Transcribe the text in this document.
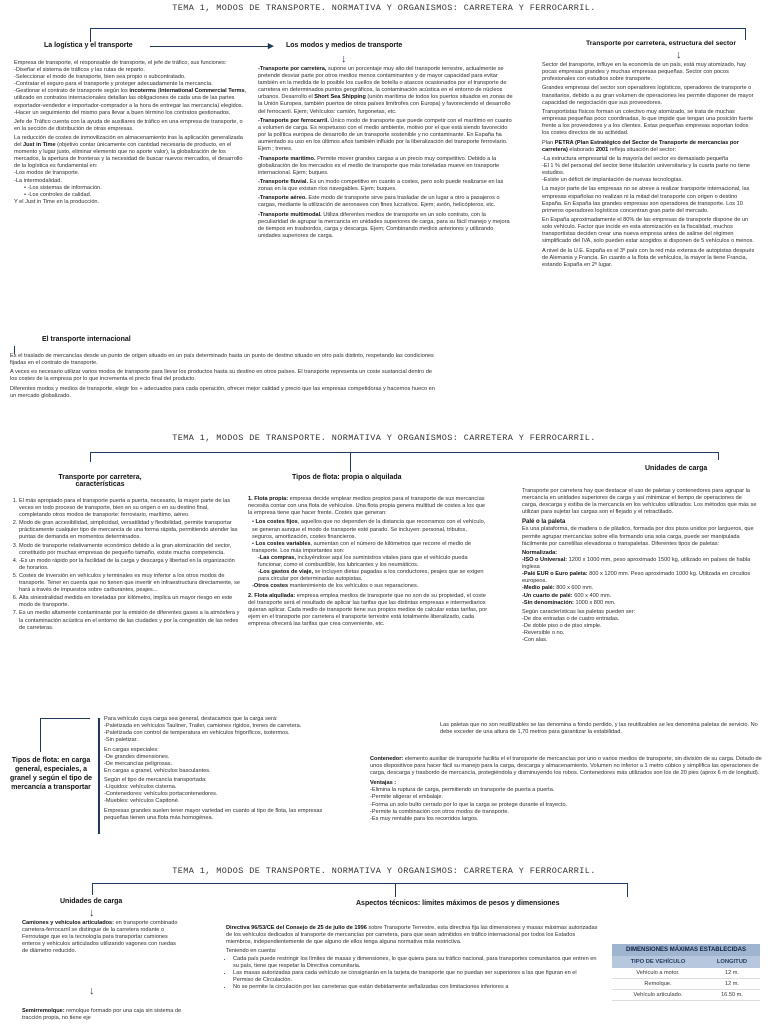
TEMA 1, MODOS DE TRANSPORTE. NORMATIVA Y ORGANISMOS: CARRETERA Y FERROCARRIL.
▸
↓	↓
La logística y el transporte	Los modos y medios de transporte	Transporte por carretera, estructura del sector
Empresa de transporte, el responsable de transporte, el jefe de tráfico, sus funciones:
-Diseñar el sistema de tráficos y las rutas de reparto.
-Seleccionar el modo de transporte, bien sea propio o subcontratado.
-Contratar el seguro para el transporte y proteger adecuadamente la mercancía.
-Gestionar el contrato de transporte según los incoterms (International Commercial Terms, utilizado en contratos internacionales detallan las obligaciones de cada una de las partes exportador-vendedor e importador-comprador a la hora de entregar las mercancía) elegidos.
-Hacer un seguimiento del mismo para llevar a buen término los contratos gestionados.
Jefe de Tráfico cuenta con la ayuda de auxiliares de tráfico en una empresa de transporte, o en la sección de distribución de otras empresas.
La reducción de costes de inmovilización en almacenamiento tras la aplicación generalizada del Just in Time (objetivo contar únicamente con cantidad necesaria de producto, en el momento y lugar justo, eliminar elemento que no aporte valor), la globalización de los mercados, la apertura de fronteras y la necesidad de buscar nuevos mercados, el desarrollo de la logística es fundamental en:
-Los modos de transporte.
-La intermodalidad.
• -Los sistemas de información.
• -Los controles de calidad.
Y el Just in Time en la producción.
El transporte internacional

Es el traslado de mercancías desde un punto de origen situado en un país determinado hasta un punto de destino situado en otro país distinto, respetando las condiciones fijadas en el contrato de transporte.

A veces es necesario utilizar varios modos de transporte para llevar los productos hasta su destino en otros países. El transporte representa un coste sustancial dentro de los costes de la empresa por lo que incrementa el precio final del producto.

Diferentes modos y medios de transporte, elegir los + adecuados para cada operación, ofrecer mejor calidad y precio que las empresas competidoras y hacernos hueco en un mercado globalizado.

-Transporte por carretera, supone un porcentaje muy alto del transporte terrestre, actualmente se pretende desviar parte por otros medios menos contaminantes y de mayor capacidad para evitar también en la medida de lo posible los cuellos de botella o atascos ocasionados por el transporte de carretera en determinados puntos geográficos, la contaminación acústica en el entorno de núcleos urbanos. Desarrollo el Short Sea Shipping (unión marítima de todos los puertos situados en zonas de la Unión Europea, también puertos de otros países limítrofes con Europa) y favoreciendo el desarrollo del ferrocarril. Ejem; Vehículos: camión, furgonetas, etc.

-Transporte por ferrocarril. Único modo de transporte que puede competir con el marítimo en cuanto a volumen de carga. Es respetuoso con el medio ambiente, motivo por el que está siendo favorecido por la política europea de desarrollo de un transporte sostenible y no contaminante. En España ha aumentado su uso en los últimos años también influido por la liberalización del transporte ferroviario. Ejem ; trenes.

-Transporte marítimo. Permite mover grandes cargas a un precio muy competitivo. Debido a la globalización de los mercados es el medio de transporte que más toneladas mueve en transporte internacional. Ejem; buques.

-Transporte fluvial. Es un modo competitivo en cuanto a costes, pero solo puede realizarse en las zonas en la que existan ríos navegables. Ejem; buques.

-Transporte aéreo. Este modo de transporte sirve para trasladar de un lugar a otro a pasajeros o cargas, mediante la utilización de aeronaves con fines lucrativos. Ejem; avión, helicópteros, etc.

-Transporte multimodal. Utiliza diferentes medios de transporte en un solo contrato, con la peculiaridad de agrupar la mercancía en unidades superiores de carga, para su fácil manejo y mejora de tiempos en trasbordos, carga y descarga. Ejem; Combinando medios anteriores y utilizando unidades superiores de carga.

Sector del transporte, influye en la economía de un país, está muy atomizado, hay pocas empresas grandes y muchas empresas pequeñas. Sector con pocos profesionales con estudios sobre transporte.

Grandes empresas del sector son operadores logísticos, operadores de transporte o transitarios, debido a su gran volumen de operaciones les permite disponer de mayor capacidad de negociación que sus proveedores.

Transportistas físicos forman un colectivo muy atomizado, se trata de muchas empresas pequeñas poco coordinadas, lo que impide que tengan una posición fuerte frente a los proveedores y a los clientes. Estas pequeñas empresas soportan todos los costes directos de su actividad.

Plan PETRA (Plan Estratégico del Sector de Transporte de mercancías por carretera) elaborado 2001 refleja situación del sector:

-La estructura empresarial de la mayoría del sector es demasiado pequeña
-El 1 % del personal del sector tiene titulación universitaria y la cuarta parte no tiene estudios.

-Existe un déficit de implantación de nuevas tecnologías.

La mayor parte de las empresas no se atreve a realizar transporte internacional, las empresas españolas no realizan ni la mitad del transporte con origen o destino España. En España las grandes empresas son operadores de transporte. Los 10 primeros operadores logísticos concentran gran parte del mercado.

En España aproximadamente el 80% de las empresas de transporte dispone de un solo vehículo. Factor que incide en esta atomización es la fiscalidad, muchos transportistas deciden crear una nueva empresa antes de salirse del régimen simplificado del IVA, solo pueden estar acogidos si disponen de 5 vehículos o menos.

A nivel de la U.E. España es el 3º país con la red más extensa de autopistas después de Alemania y Francia. En cuanto a la flota de vehículos, la mayor la tiene Francia, estando España en 2º lugar.

TEMA 1, MODOS DE TRANSPORTE. NORMATIVA Y ORGANISMOS: CARRETERA Y FERROCARRIL.
Transporte por carretera, características
Tipos de flota: propia o alquilada
Unidades de carga
1. El más apropiado para el transporte puerta a puerta, necesario, la mayor parte de las veces en todo proceso de transporte, bien en su origen o en su destino final, completando otros modos de transporte: ferroviario, marítimo, aéreo.
2. Modo de gran accesibilidad, simplicidad, versatilidad y flexibilidad, permite transportar prácticamente cualquier tipo de mercancía de una forma rápida, permitiendo atender las puntas de demanda en momentos determinados.
3. Modo de transporte relativamente económico debido a la gran atomización del sector, constituido por muchas empresas de pequeño tamaño, existe mucha competencia.
4. -Es un modo rápido por la facilidad de la carga y descarga y libertad en la organización de horarios.
5. Costes de inversión en vehículos y terminales es muy inferior a los otros modos de transporte. Tener en cuenta que no tienen que invertir en infraestructura directamente, se hará a través de impuestos sobre carburantes, peajes...
6. Alta siniestralidad medida en toneladas por kilómetro, implica un mayor riesgo en este modo de transporte.
7. Es un medio altamente contaminante por la emisión de diferentes gases a la atmósfera y la contaminación acústica en el entorno de las ciudades y por la congestión de las redes de carreteras.

1. Flota propia: empresa decide emplear medios propios para el transporte de sus mercancías necesita contar con una flota de vehículos. Una flota propia genera multitud de costes a los que la empresa tiene que hacer frente. Costes que generan:

• Los costes fijos, aquellos que no dependen de la distancia que recorramos con el vehículo, se generan aunque el modo de transporte esté parado. Se incluyen: personal, tributos, seguros, amortización, costes financieros.
• Los costes variables, aumentan con el número de kilómetros que recorre el medio de transporte. Los más importantes son:
-Las compras, incluyéndose aquí los suministros vitales para que el vehículo pueda funcionar, como el combustible, los lubricantes y los neumáticos.
-Los gastos de viaje, se incluyen dietas pagadas a los conductores, peajes que se exigen para circular por determinadas autopistas.

-Otros costes mantenimiento de los vehículos o sus reparaciones.

2. Flota alquilada: empresa emplea medios de transporte que no son de su propiedad, el coste del transporte será el resultado de aplicar las tarifas que las distintas empresas e intermediarios quieran aplicar. Cada medio de transporte tiene sus propios medios de calcular estas tarifas, por ejem en el transporte por carretera el transporte terrestre está totalmente liberalizado, cada empresa ofrecerá las tarifas que crea conveniente, etc.

Transporte por carretera hay que destacar el uso de paletas y contenedores para agrupar la mercancía en unidades superiores de carga y así minimizar el tiempo de operaciones de carga, descarga y estiba de la mercancía en los vehículos utilizados. Los métodos que más se utilizan para sujetar las cargas son el flejado y el retractilado.

Palé o la paleta

Es una plataforma, de madera o de plástico, formada por dos pisos unidos por largueros, que permite agrupar mercancías sobre ella formando una sola carga, puede ser manipulada fácilmente por carretillas elevadoras o transpaletas. Diferentes tipos de paletas:

Normalizada:
-ISO o Universal: 1200 x 1000 mm, peso aproximado 1500 kg, utilizado en países de habla inglesa
-Palé EUR o Euro paleta: 800 x 1200 mm. Peso aproximado 1000 kg. Utilizada en circuitos europeos.
-Medio palé: 800 x 600 mm.
-Un cuarto de palé: 600 x 400 mm.

-Sin denominación: 1000 x 800 mm.

Según características las paletas pueden ser:
-De dos entradas o de cuatro entradas.
-De doble piso o de piso simple.
-Reversible o no.
-Con alas.
Las paletas que no son reutilizables se las denomina a fondo perdido, y las reutilizables se les denomina paletas de servicio. No debe exceder de una altura de 1,70 metros para garantizar la estabilidad.
Tipos de flota: en carga general, especiales, a granel y según el tipo de mercancía a transportar
Para vehículo cuya carga sea general, destacamos que la carga será:
-Paletizada en vehículos Tauliner, Trailer, camiones rígidos, trenes de carretera.
-Paletizada con control de temperatura en vehículos frigoríficos, isotermos.

-Sin paletizar.

En cargas especiales:
-De grandes dimensiones.
-De mercancías peligrosas.

En cargas a granel, vehículos basculantes.

Según el tipo de mercancía transportada:
-Líquidos: vehículos cisterna.
-Contenedores: vehículos portacontenedores.

-Muebles: vehículos Capitoné.

Empresas grandes suelen tener mayor variedad en cuanto al tipo de flota, las empresas pequeñas tienen una flota más homogénea.

Contenedor: elemento auxiliar de transporte facilita el el transporte de mercancías por uno o varios medios de transporte, sin división de su carga. Dotado de unos dispositivos para hacer fácil su manejo para la carga, descarga y almacenamiento. Volumen no inferior a 1 metro cúbico y simplifica las operaciones de carga, descarga y trasbordo de mercancía, protegiéndola y disminuyendo los robos. Contenedores más utilizados son los de 20 pies (aprox 6 m de longitud).

Ventajas :
-Elimina la ruptura de carga, permitiendo un transporte de puerta a puerta.
-Permite aligerar el embalaje.
-Forma un solo bulto cerrado por lo que la carga se protege durante el trayecto.
-Permite la combinación con otros modos de transporte.
-Es muy rentable para los recorridos largos.
TEMA 1, MODOS DE TRANSPORTE. NORMATIVA Y ORGANISMOS: CARRETERA Y FERROCARRIL.
Unidades de carga	Aspectos técnicos: límites máximos de pesos y dimensiones
↓

Camiones y vehículos articulados: en transporte combinado carretera-ferrocarril se distingue de la carretera rodante o Ferroutage que es la tecnología para transportar camiones enteros y vehículos articulados utilizando vagones con ruedas de diámetro reducido.

↓

Semirremolque: remolque formado por una caja sin sistema de tracción propia, no tiene eje

Directiva 96/53/CE del Consejo de 25 de julio de 1996 sobre Transporte Terrestre, esta directiva fija las dimensiones y masas máximas autorizadas de los vehículos dedicados al transporte de mercancías por carretera, para que sean admitidos en tráfico internacional por todos los Estados miembros, independientemente de que alguno de ellos tenga alguna normativa más restrictiva.

Teniendo en cuenta:
• Cada país puede restringir los límites de masas y dimensiones, lo que quiera para su tráfico nacional, para transportes comunitarios que entren en su país, tiene que respetar la Directiva comunitaria.
• Las masas autorizadas para cada vehículo se consignarán en la tarjeta de transporte que no puedan ser superiores a las que figuran en el Permiso de Circulación.
• No se permite la circulación por las carreteras que están debidamente señalizadas con limitaciones inferiores a
DIMENSIONES MÁXIMAS ESTABLECIDAS
TIPO DE VEHÍCULO	LONGITUD
Vehículo a motor.	12 m.
Remolque.	12 m.
Vehículo articulado.	16.50 m.
